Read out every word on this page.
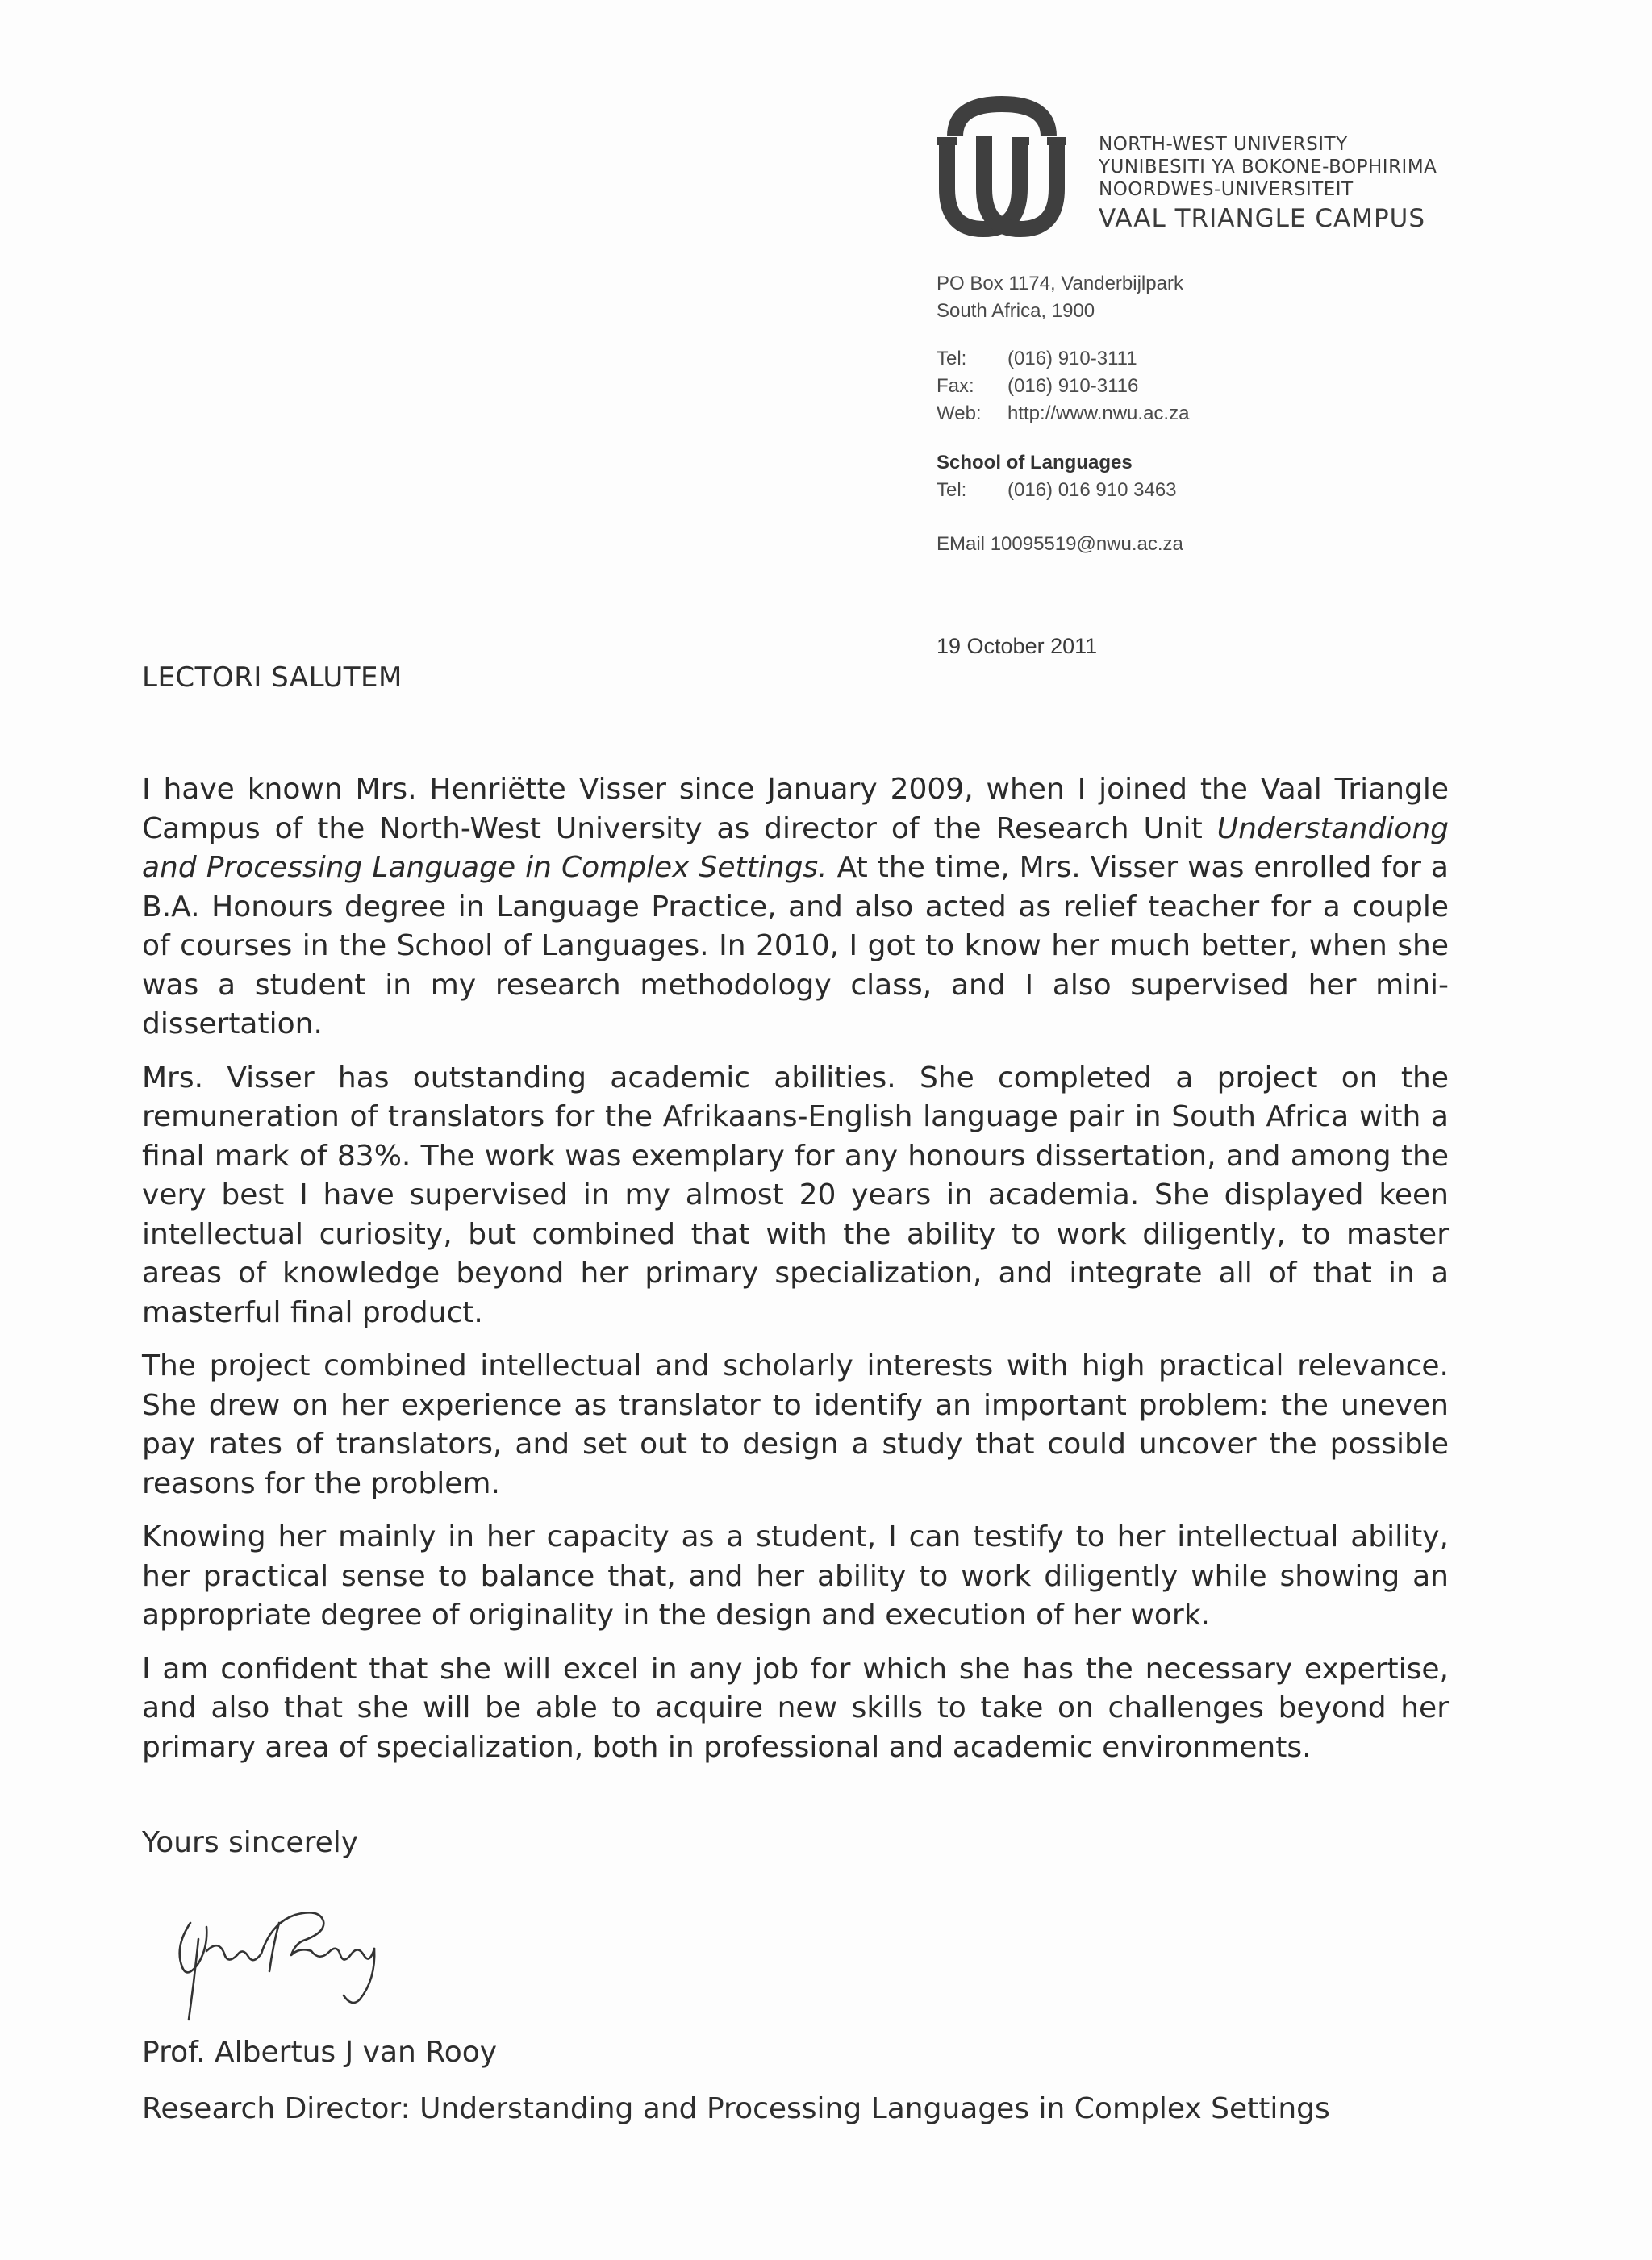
NORTH-WEST UNIVERSITY
YUNIBESITI YA BOKONE-BOPHIRIMA
NOORDWES-UNIVERSITEIT
VAAL TRIANGLE CAMPUS
PO Box 1174, Vanderbijlpark
South Africa, 1900
Tel: (016) 910-3111
Fax: (016) 910-3116
Web: http://www.nwu.ac.za
School of Languages
Tel: (016) 016 910 3463
EMail 10095519@nwu.ac.za
19 October 2011
LECTORI SALUTEM

I have known Mrs. Henriëtte Visser since January 2009, when I joined the Vaal Triangle Campus of the North-West University as director of the Research Unit Understandiong and Processing Language in Complex Settings. At the time, Mrs. Visser was enrolled for a B.A. Honours degree in Language Practice, and also acted as relief teacher for a couple of courses in the School of Languages. In 2010, I got to know her much better, when she was a student in my research methodology class, and I also supervised her mini-dissertation.

Mrs. Visser has outstanding academic abilities. She completed a project on the remuneration of translators for the Afrikaans-English language pair in South Africa with a final mark of 83%. The work was exemplary for any honours dissertation, and among the very best I have supervised in my almost 20 years in academia. She displayed keen intellectual curiosity, but combined that with the ability to work diligently, to master areas of knowledge beyond her primary specialization, and integrate all of that in a masterful final product.

The project combined intellectual and scholarly interests with high practical relevance. She drew on her experience as translator to identify an important problem: the uneven pay rates of translators, and set out to design a study that could uncover the possible reasons for the problem.

Knowing her mainly in her capacity as a student, I can testify to her intellectual ability, her practical sense to balance that, and her ability to work diligently while showing an appropriate degree of originality in the design and execution of her work.

I am confident that she will excel in any job for which she has the necessary expertise, and also that she will be able to acquire new skills to take on challenges beyond her primary area of specialization, both in professional and academic environments.

Yours sincerely
Prof. Albertus J van Rooy
Research Director: Understanding and Processing Languages in Complex Settings
